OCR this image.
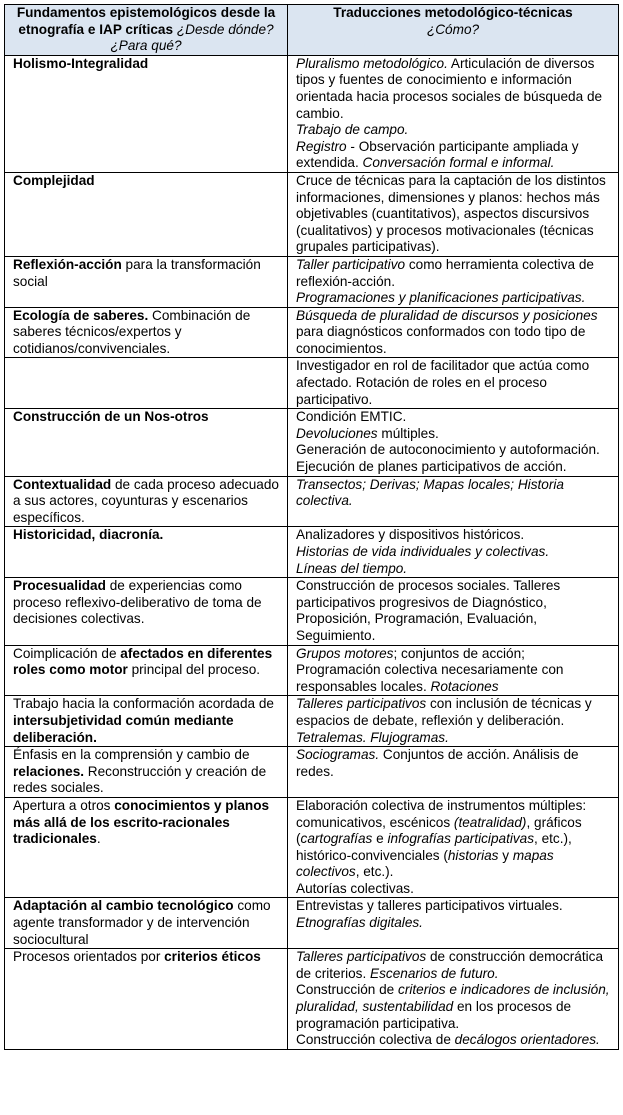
Fundamentos epistemológicos desde la etnografía e IAP críticas ¿Desde dónde? ¿Para qué?	Traducciones metodológico-técnicas
¿Cómo?

Holismo-Integralidad	Pluralismo metodológico. Articulación de diversos tipos y fuentes de conocimiento e información orientada hacia procesos sociales de búsqueda de cambio.
Trabajo de campo.
Registro - Observación participante ampliada y extendida. Conversación formal e informal.

Complejidad	Cruce de técnicas para la captación de los distintos informaciones, dimensiones y planos: hechos más objetivables (cuantitativos), aspectos discursivos (cualitativos) y procesos motivacionales (técnicas grupales participativas).

Reflexión-acción para la transformación social	Taller participativo como herramienta colectiva de reflexión-acción.
Programaciones y planificaciones participativas.

Ecología de saberes. Combinación de saberes técnicos/expertos y cotidianos/convivenciales.	Búsqueda de pluralidad de discursos y posiciones para diagnósticos conformados con todo tipo de conocimientos.

	Investigador en rol de facilitador que actúa como afectado. Rotación de roles en el proceso participativo.

Construcción de un Nos-otros	Condición EMTIC.
Devoluciones múltiples.
Generación de autoconocimiento y autoformación.
Ejecución de planes participativos de acción.

Contextualidad de cada proceso adecuado a sus actores, coyunturas y escenarios específicos.	Transectos; Derivas; Mapas locales; Historia colectiva.

Historicidad, diacronía.	Analizadores y dispositivos históricos.
Historias de vida individuales y colectivas.
Líneas del tiempo.

Procesualidad de experiencias como proceso reflexivo-deliberativo de toma de decisiones colectivas.	Construcción de procesos sociales. Talleres participativos progresivos de Diagnóstico, Proposición, Programación, Evaluación, Seguimiento.

Coimplicación de afectados en diferentes roles como motor principal del proceso.	Grupos motores; conjuntos de acción;
Programación colectiva necesariamente con responsables locales. Rotaciones

Trabajo hacia la conformación acordada de intersubjetividad común mediante deliberación.	Talleres participativos con inclusión de técnicas y espacios de debate, reflexión y deliberación.
Tetralemas. Flujogramas.

Énfasis en la comprensión y cambio de relaciones. Reconstrucción y creación de redes sociales.	Sociogramas. Conjuntos de acción. Análisis de redes.

Apertura a otros conocimientos y planos más allá de los escrito-racionales tradicionales.	Elaboración colectiva de instrumentos múltiples: comunicativos, escénicos (teatralidad), gráficos (cartografías e infografías participativas, etc.), histórico-convivenciales (historias y mapas colectivos, etc.).
Autorías colectivas.

Adaptación al cambio tecnológico como agente transformador y de intervención sociocultural	Entrevistas y talleres participativos virtuales.
Etnografías digitales.

Procesos orientados por criterios éticos	Talleres participativos de construcción democrática de criterios. Escenarios de futuro.
Construcción de criterios e indicadores de inclusión, pluralidad, sustentabilidad en los procesos de programación participativa.
Construcción colectiva de decálogos orientadores.
